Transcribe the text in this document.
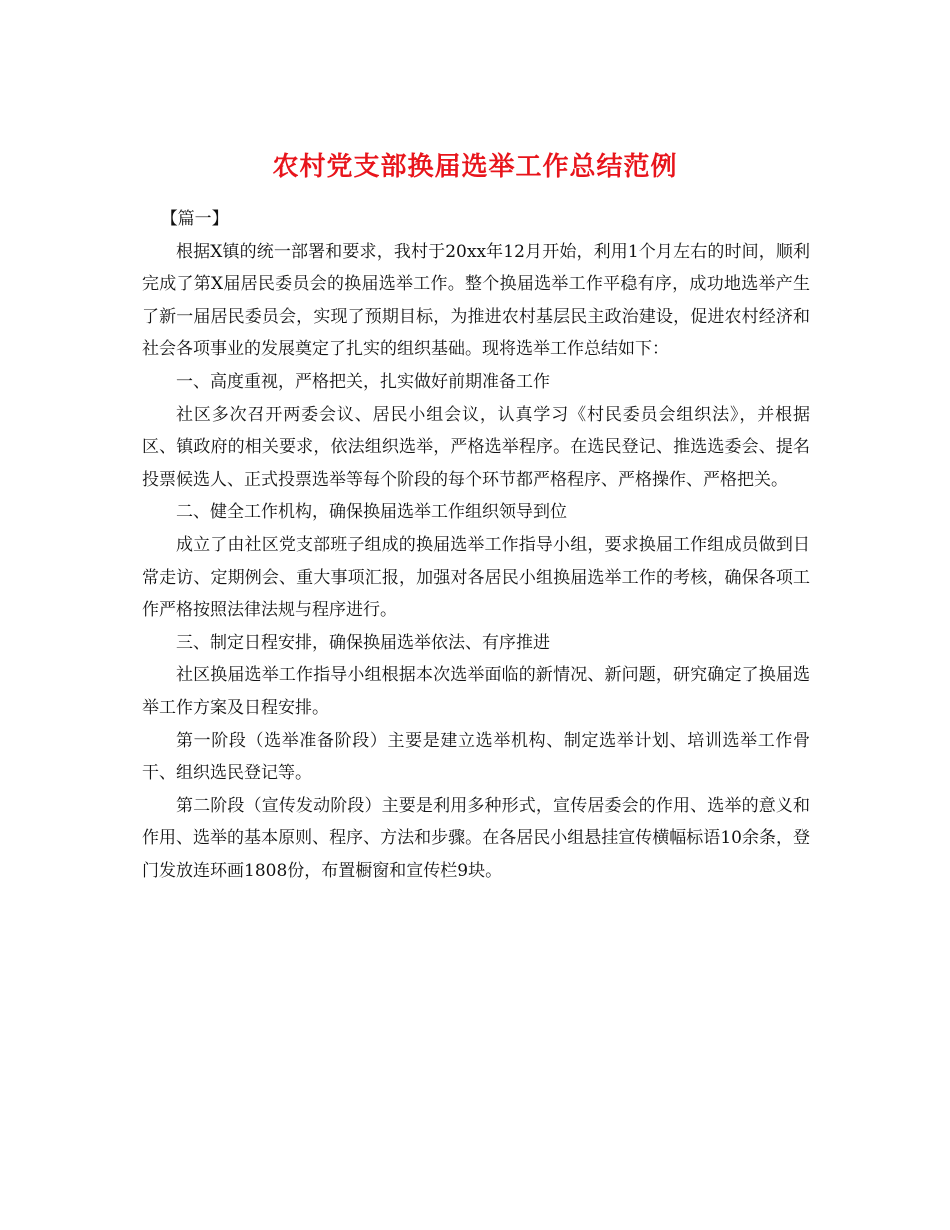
农村党支部换届选举工作总结范例

【篇一】

根据X镇的统一部署和要求，我村于20xx年12月开始，利用1个月左右的时间，顺利完成了第X届居民委员会的换届选举工作。整个换届选举工作平稳有序，成功地选举产生了新一届居民委员会，实现了预期目标，为推进农村基层民主政治建设，促进农村经济和社会各项事业的发展奠定了扎实的组织基础。现将选举工作总结如下：

一、高度重视，严格把关，扎实做好前期准备工作

社区多次召开两委会议、居民小组会议，认真学习《村民委员会组织法》，并根据区、镇政府的相关要求，依法组织选举，严格选举程序。在选民登记、推选选委会、提名投票候选人、正式投票选举等每个阶段的每个环节都严格程序、严格操作、严格把关。

二、健全工作机构，确保换届选举工作组织领导到位

成立了由社区党支部班子组成的换届选举工作指导小组，要求换届工作组成员做到日常走访、定期例会、重大事项汇报，加强对各居民小组换届选举工作的考核，确保各项工作严格按照法律法规与程序进行。

三、制定日程安排，确保换届选举依法、有序推进

社区换届选举工作指导小组根据本次选举面临的新情况、新问题，研究确定了换届选举工作方案及日程安排。

第一阶段（选举准备阶段）主要是建立选举机构、制定选举计划、培训选举工作骨干、组织选民登记等。

第二阶段（宣传发动阶段）主要是利用多种形式，宣传居委会的作用、选举的意义和作用、选举的基本原则、程序、方法和步骤。在各居民小组悬挂宣传横幅标语10余条，登门发放连环画1808份，布置橱窗和宣传栏9块。
